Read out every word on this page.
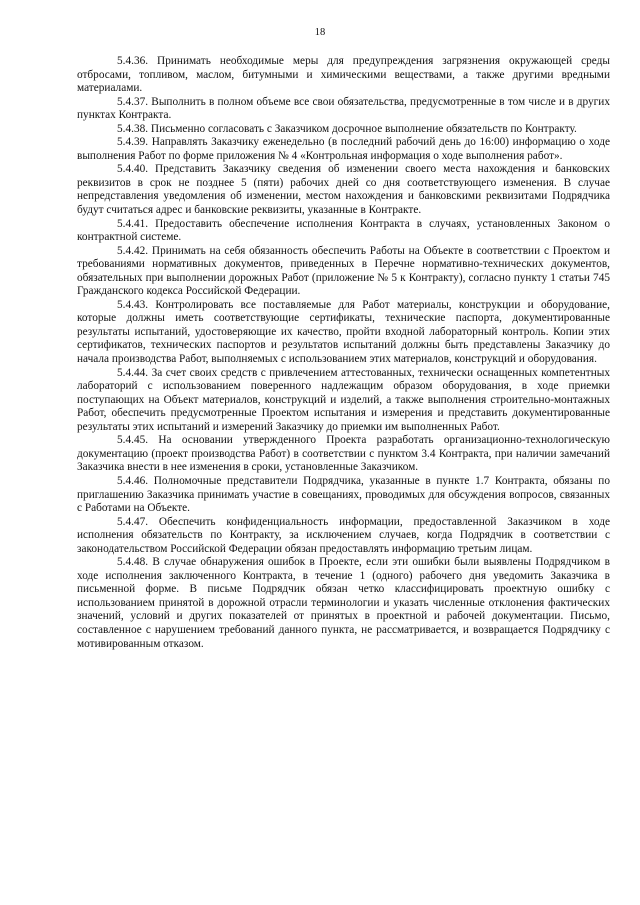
18

5.4.36. Принимать необходимые меры для предупреждения загрязнения окружающей среды отбросами, топливом, маслом, битумными и химическими веществами, а также другими вредными материалами.

5.4.37. Выполнить в полном объеме все свои обязательства, предусмотренные в том числе и в других пунктах Контракта.

5.4.38. Письменно согласовать с Заказчиком досрочное выполнение обязательств по Контракту.

5.4.39. Направлять Заказчику еженедельно (в последний рабочий день до 16:00) информацию о ходе выполнения Работ по форме приложения № 4 «Контрольная информация о ходе выполнения работ».

5.4.40. Представить Заказчику сведения об изменении своего места нахождения и банковских реквизитов в срок не позднее 5 (пяти) рабочих дней со дня соответствующего изменения. В случае непредставления уведомления об изменении, местом нахождения и банковскими реквизитами Подрядчика будут считаться адрес и банковские реквизиты, указанные в Контракте.

5.4.41. Предоставить обеспечение исполнения Контракта в случаях, установленных Законом о контрактной системе.

5.4.42. Принимать на себя обязанность обеспечить Работы на Объекте в соответствии с Проектом и требованиями нормативных документов, приведенных в Перечне нормативно-технических документов, обязательных при выполнении дорожных Работ (приложение № 5 к Контракту), согласно пункту 1 статьи 745 Гражданского кодекса Российской Федерации.

5.4.43. Контролировать все поставляемые для Работ материалы, конструкции и оборудование, которые должны иметь соответствующие сертификаты, технические паспорта, документированные результаты испытаний, удостоверяющие их качество, пройти входной лабораторный контроль. Копии этих сертификатов, технических паспортов и результатов испытаний должны быть представлены Заказчику до начала производства Работ, выполняемых с использованием этих материалов, конструкций и оборудования.

5.4.44. За счет своих средств с привлечением аттестованных, технически оснащенных компетентных лабораторий с использованием поверенного надлежащим образом оборудования, в ходе приемки поступающих на Объект материалов, конструкций и изделий, а также выполнения строительно-монтажных Работ, обеспечить предусмотренные Проектом испытания и измерения и представить документированные результаты этих испытаний и измерений Заказчику до приемки им выполненных Работ.

5.4.45. На основании утвержденного Проекта разработать организационно-технологическую документацию (проект производства Работ) в соответствии с пунктом 3.4 Контракта, при наличии замечаний Заказчика внести в нее изменения в сроки, установленные Заказчиком.

5.4.46. Полномочные представители Подрядчика, указанные в пункте 1.7 Контракта, обязаны по приглашению Заказчика принимать участие в совещаниях, проводимых для обсуждения вопросов, связанных с Работами на Объекте.

5.4.47. Обеспечить конфиденциальность информации, предоставленной Заказчиком в ходе исполнения обязательств по Контракту, за исключением случаев, когда Подрядчик в соответствии с законодательством Российской Федерации обязан предоставлять информацию третьим лицам.

5.4.48. В случае обнаружения ошибок в Проекте, если эти ошибки были выявлены Подрядчиком в ходе исполнения заключенного Контракта, в течение 1 (одного) рабочего дня уведомить Заказчика в письменной форме. В письме Подрядчик обязан четко классифицировать проектную ошибку с использованием принятой в дорожной отрасли терминологии и указать численные отклонения фактических значений, условий и других показателей от принятых в проектной и рабочей документации. Письмо, составленное с нарушением требований данного пункта, не рассматривается, и возвращается Подрядчику с мотивированным отказом.
